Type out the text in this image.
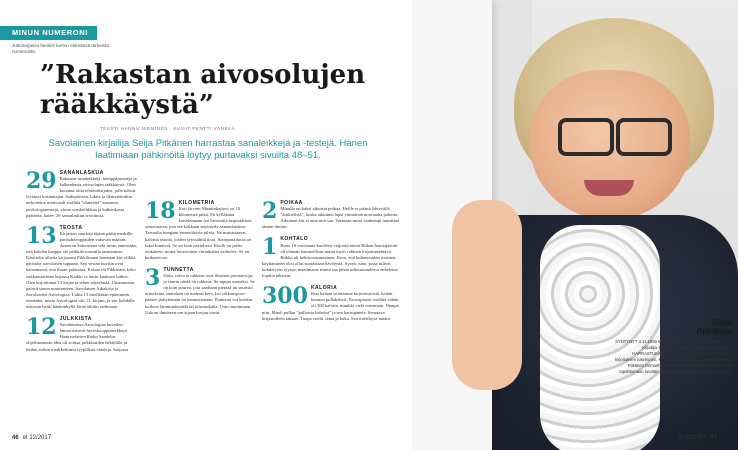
MINUN NUMERONI
Juttusarjassa henkilö kertoo elämänsä tärkeistä numeroista.
”Rakastan aivosolujen rääkkäystä”
TEKSTI HANNU NIEMINEN · KUVAT PENTTI VÄNSKÄ
Savolainen kirjailija Seija Pitkänen harrastaa sanaleikkejä ja -testejä. Hänen laatimiaan pähkinöitä löytyy purtavaksi sivuilta 48–51.
29 SANANLASKUA
Rakastan sanaleikkejä, hömppäjuonteja ja kalkenkasia aivosolujen rääkkäystä. Olen koonnut niitä tehtäväkirjaksi, jolle tulivat löytänyt kustantajan. Sadepäivien, lukite ja illanviettoihin tarkoitetun materiaali sisältää ”tilanteitä” sanomia, psykologiatestejä, väeen symboliikkaa ja kalkenkasta päätteita, katee: 29 sananlaskun arvoitusta.
13 TEOSTA
Kirjaston suurkäyttäjänä panin merkille parisuhdeoppaiden vahavan määrän. Aviaeron kokeneena toki tiesin ennestään, että kahden kauppa ole pelkkää ruusuilla tanssimista. Käsittelin aihetta kirjassani Pikkilinnen harmaan käy elikkä parisuhe suvolaisen tuppaan. Sen verran kuvitin ovat kaivanneen, että ilman palauttaa. Kolme oli Pikkiisten koko vakkaustarinan kirjassa Kaikki se kurtu kaukaen luiboo. Olen kirjoittanut 13 kirjaa ja tehen näytelmää. Uusimmissa palasit sanon marttenseen. Savolaisen Aikakirja ja Savolaisten Astrologiaa. Lukia 13 mielletään epäonneen etenenkä, mutta Astrologiaa olii 13. kirjani, ja sen kohdalla uskosun heitti hänkenkyllä Siinä tähtiin radionata.
12 JULKKISTA
Savolaisensa Astrologiaa kuvailen humoristisesti horoskooppimerkkejä. Haatriselaisen Radio Sandelin ohjeilmaansan idea oli soittaa julkkisaiden hekilöille ja tiedaa, mihin merkkeihinsä tyypillisiä ehtaleja. Sarjassa
18 KILOMETRIÄ
Koti järveni Maaninkajärvi on 18 kilometriä pitkä. En kylläkään kaiselennaan ten luvonutta inspiraatiota tanssimassa, jota erä kokkaan näyttäydy samanlaistina. Taivaalta bongaan erimoidoisia pilviä. Ne muistuttavat kaloitta asioita, joiden syyssähtiä tiraa. Ateriponailassa on luksi kinnissä. Se on kuin näyteltesa. Roolli on jaetto etukäteen, mutta lavastoinen väriaikalna vaihtelee. Se on huikaisevaa.
3 TUNNETTA
Usko, toivo ja rakkaus ovat ihmisen perusarvoja, ja suurin niistä on rakkaus. Se tapipu moneksi. Se on kuin pourea, jota saadtaan pientää tai suurista armoksina, mutalaen tai mateun kera. Iso rakkausporo-pääsee järkyttämän tai kaunistamaan. Ilaimetta voi koettaa korkeat lämmittäistäälä tai tulustuikalla. Usko nuotimaan. Uskoni ihmiseen sen sijaan horjuu usein.
2 POIKAA
Minulla on kaksi aikuista poikaa. Heille ei pitänä lähtevällä ”äitikielistä”, koska aikuinen lapsi ymmärtää normaalia puhetta. Aikuinen äiti ei aina niin saa. Varmaan moni vanhempi tunnistaa tämän ilmiön.
1 KOHTALO
Runo 19-vuotiaana kuolleen veljentyttäreni Riikan haastajaisiin oli elämän haasteellisin mutta myös rakkain kirjoitustehtävä. Riikka oli kehitysvammainen. Kom, että kultaenoiden fraasien käyttäminen olisi ollut suorastaan hävätystä. Synyti runo, jossa tulivat kohdetyyni tyynyn maailmaan, mutta saa pihan urheuasuudessa enkeleina lopulta takaisin.
300 KALORIA
Kun haluan irrottautua kirjoitustöistä, kettän kunnon pullakahvit. Korvapuusti sisältää vähän yli 300 kaloria, munkki vielä enemmän. Nämpä niin. Mind: pullan ”pullaisia kahvini” ja sen karrupanela. Seuraava kirjastolleen takaan. Tuopa viellä, tämä ja kuka. Sen mielihyvä määrä.
46 et 12/2017	et 12/2017 47
Seija
Pitkänen
SYNTYNYT 3.11.1959 Maaningalla, missä edelleen asuu. TYÖ Kirjailija. PERHE Avomies ja kaksi aikuista lasta. HARRASTUKSET Lukeminen, valokuvaus, sanaleikit, kirjoituksen lukeminen, kaivo uimaharteiden. AJANKOHTAISTA Pitkänen farmanhally mielikuvankiinteän vein kirjastossa tapahtumaan kevään matkailija tai tuulokoulussa äänikirjana.
